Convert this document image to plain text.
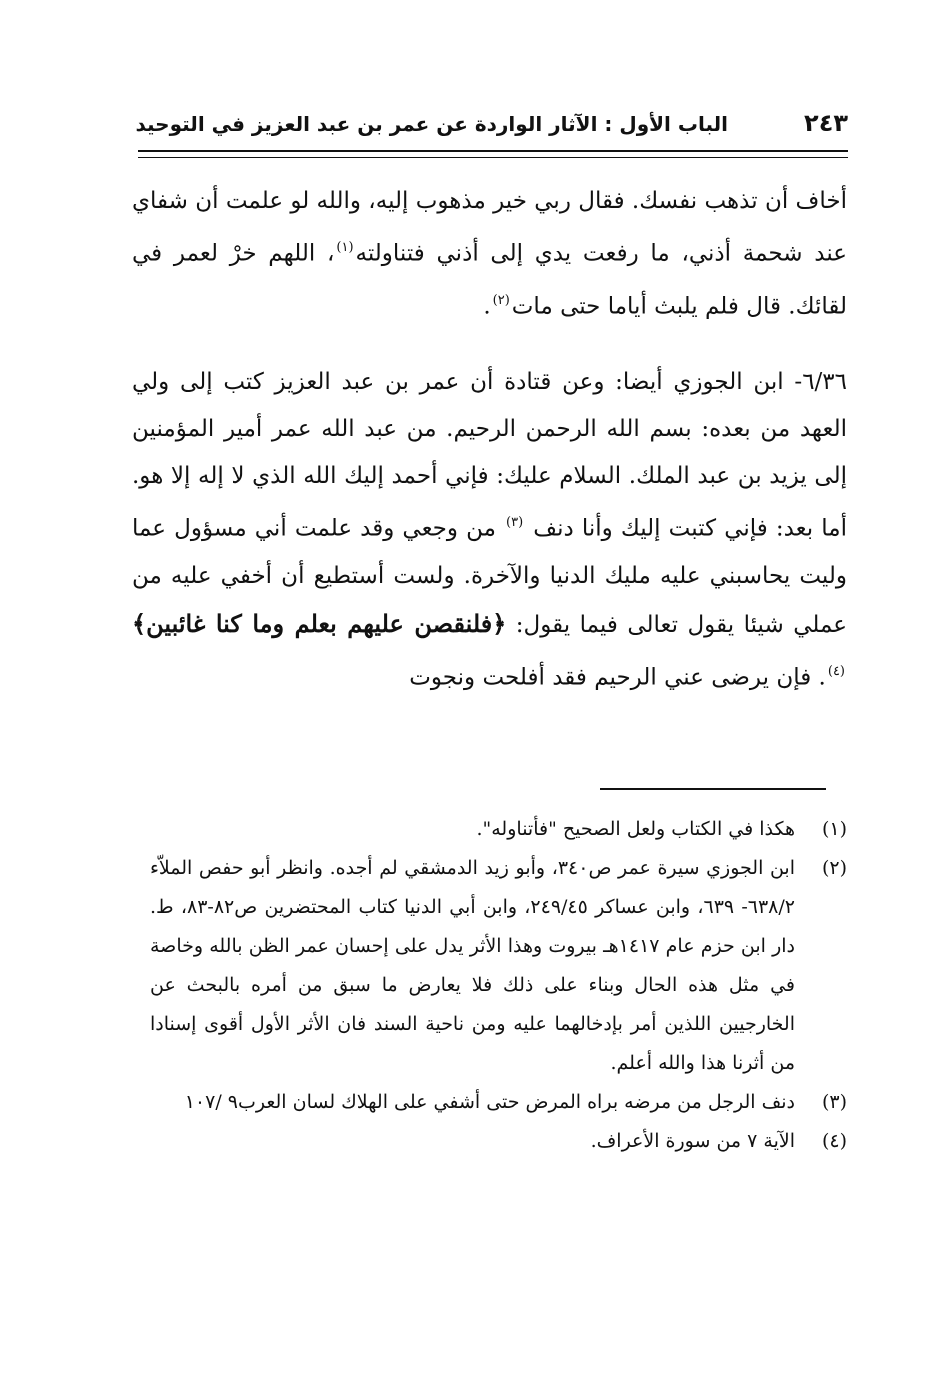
٢٤٣
الباب الأول : الآثار الواردة عن عمر بن عبد العزيز في التوحيد

أخاف أن تذهب نفسك. فقال ربي خير مذهوب إليه، والله لو علمت أن شفاي عند شحمة أذني، ما رفعت يدي إلى أذني فتناولته$^{(١)}$، اللهم خرْ لعمر في لقائك. قال فلم يلبث أياما حتى مات$^{(٢)}$.

٦/٣٦- ابن الجوزي أيضا: وعن قتادة أن عمر بن عبد العزيز كتب إلى ولي العهد من بعده: بسم الله الرحمن الرحيم. من عبد الله عمر أمير المؤمنين إلى يزيد بن عبد الملك. السلام عليك: فإني أحمد إليك الله الذي لا إله إلا هو. أما بعد: فإني كتبت إليك وأنا دنف $^{(٣)}$ من وجعي وقد علمت أني مسؤول عما وليت يحاسبني عليه مليك الدنيا والآخرة. ولست أستطيع أن أخفي عليه من عملي شيئا يقول تعالى فيما يقول: ﴿فلنقصن عليهم بعلم وما كنا غائبين﴾$^{(٤)}$. فإن يرضى عني الرحيم فقد أفلحت ونجوت

(١)
هكذا في الكتاب ولعل الصحيح "فأتناوله".
(٢)
ابن الجوزي سيرة عمر ص٣٤٠، وأبو زيد الدمشقي لم أجده. وانظر أبو حفص الملاّء ٦٣٨/٢- ٦٣٩، وابن عساكر ٢٤٩/٤٥، وابن أبي الدنيا كتاب المحتضرين ص٨٢-٨٣، ط. دار ابن حزم عام ١٤١٧هـ بيروت وهذا الأثر يدل على إحسان عمر الظن بالله وخاصة في مثل هذه الحال وبناء على ذلك فلا يعارض ما سبق من أمره بالبحث عن الخارجيين اللذين أمر بإدخالهما عليه ومن ناحية السند فان الأثر الأول أقوى إسنادا من أثرنا هذا والله أعلم.
(٣)
دنف الرجل من مرضه براه المرض حتى أشفي على الهلاك لسان العرب٩ /١٠٧
(٤)
الآية ٧ من سورة الأعراف.
